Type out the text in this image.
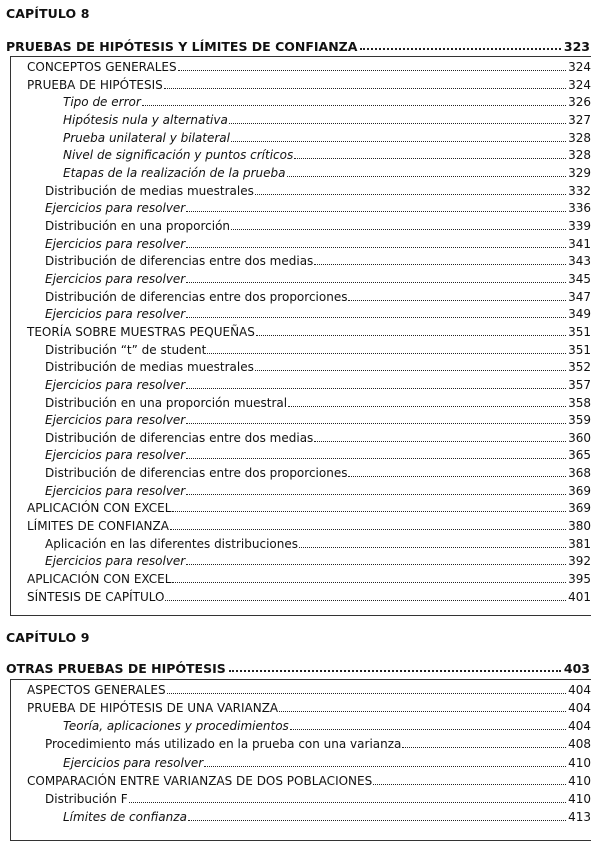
CAPÍTULO 8
PRUEBAS DE HIPÓTESIS Y LÍMITES DE CONFIANZA	323
CONCEPTOS GENERALES	324
PRUEBA DE HIPÓTESIS	324
Tipo de error	326
Hipótesis nula y alternativa	327
Prueba unilateral y bilateral	328
Nivel de significación y puntos críticos	328
Etapas de la realización de la prueba	329
Distribución de medias muestrales	332
Ejercicios para resolver	336
Distribución en una proporción	339
Ejercicios para resolver	341
Distribución de diferencias entre dos medias	343
Ejercicios para resolver	345
Distribución de diferencias entre dos proporciones	347
Ejercicios para resolver	349
TEORÍA SOBRE MUESTRAS PEQUEÑAS	351
Distribución “t” de student	351
Distribución de medias muestrales	352
Ejercicios para resolver	357
Distribución en una proporción muestral	358
Ejercicios para resolver	359
Distribución de diferencias entre dos medias	360
Ejercicios para resolver	365
Distribución de diferencias entre dos proporciones	368
Ejercicios para resolver	369
APLICACIÓN CON EXCEL	369
LÍMITES DE CONFIANZA	380
Aplicación en las diferentes distribuciones	381
Ejercicios para resolver	392
APLICACIÓN CON EXCEL	395
SÍNTESIS DE CAPÍTULO	401
CAPÍTULO 9
OTRAS PRUEBAS DE HIPÓTESIS	403
ASPECTOS GENERALES	404
PRUEBA DE HIPÓTESIS DE UNA VARIANZA	404
Teoría, aplicaciones y procedimientos	404
Procedimiento más utilizado en la prueba con una varianza	408
Ejercicios para resolver	410
COMPARACIÓN ENTRE VARIANZAS DE DOS POBLACIONES	410
Distribución F	410
Límites de confianza	413
